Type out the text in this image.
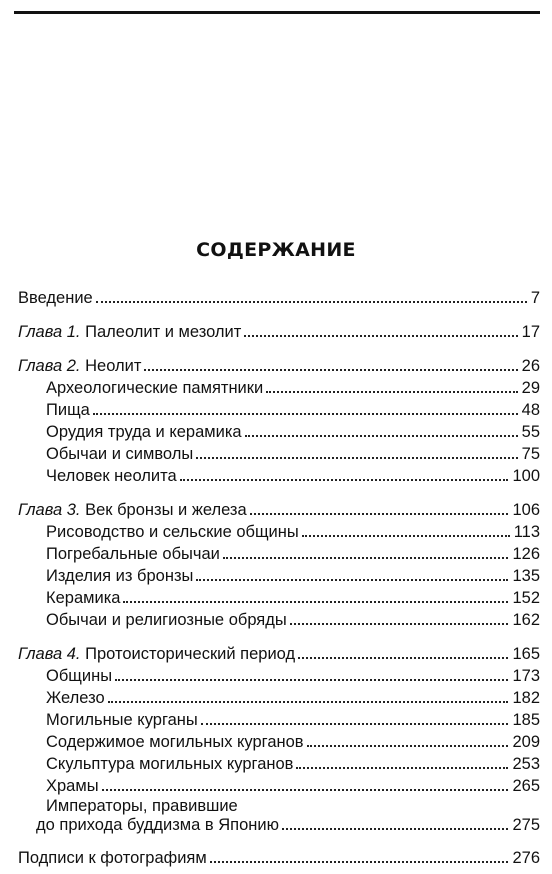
СОДЕРЖАНИЕ
Введение	7
Глава 1. Палеолит и мезолит	17
Глава 2. Неолит	26
Археологические памятники	29
Пища	48
Орудия труда и керамика	55
Обычаи и символы	75
Человек неолита	100
Глава 3. Век бронзы и железа	106
Рисоводство и сельские общины	113
Погребальные обычаи	126
Изделия из бронзы	135
Керамика	152
Обычаи и религиозные обряды	162
Глава 4. Протоисторический период	165
Общины	173
Железо	182
Могильные курганы	185
Содержимое могильных курганов	209
Скульптура могильных курганов	253
Храмы	265
Императоры, правившие
до прихода буддизма в Японию	275
Подписи к фотографиям	276
